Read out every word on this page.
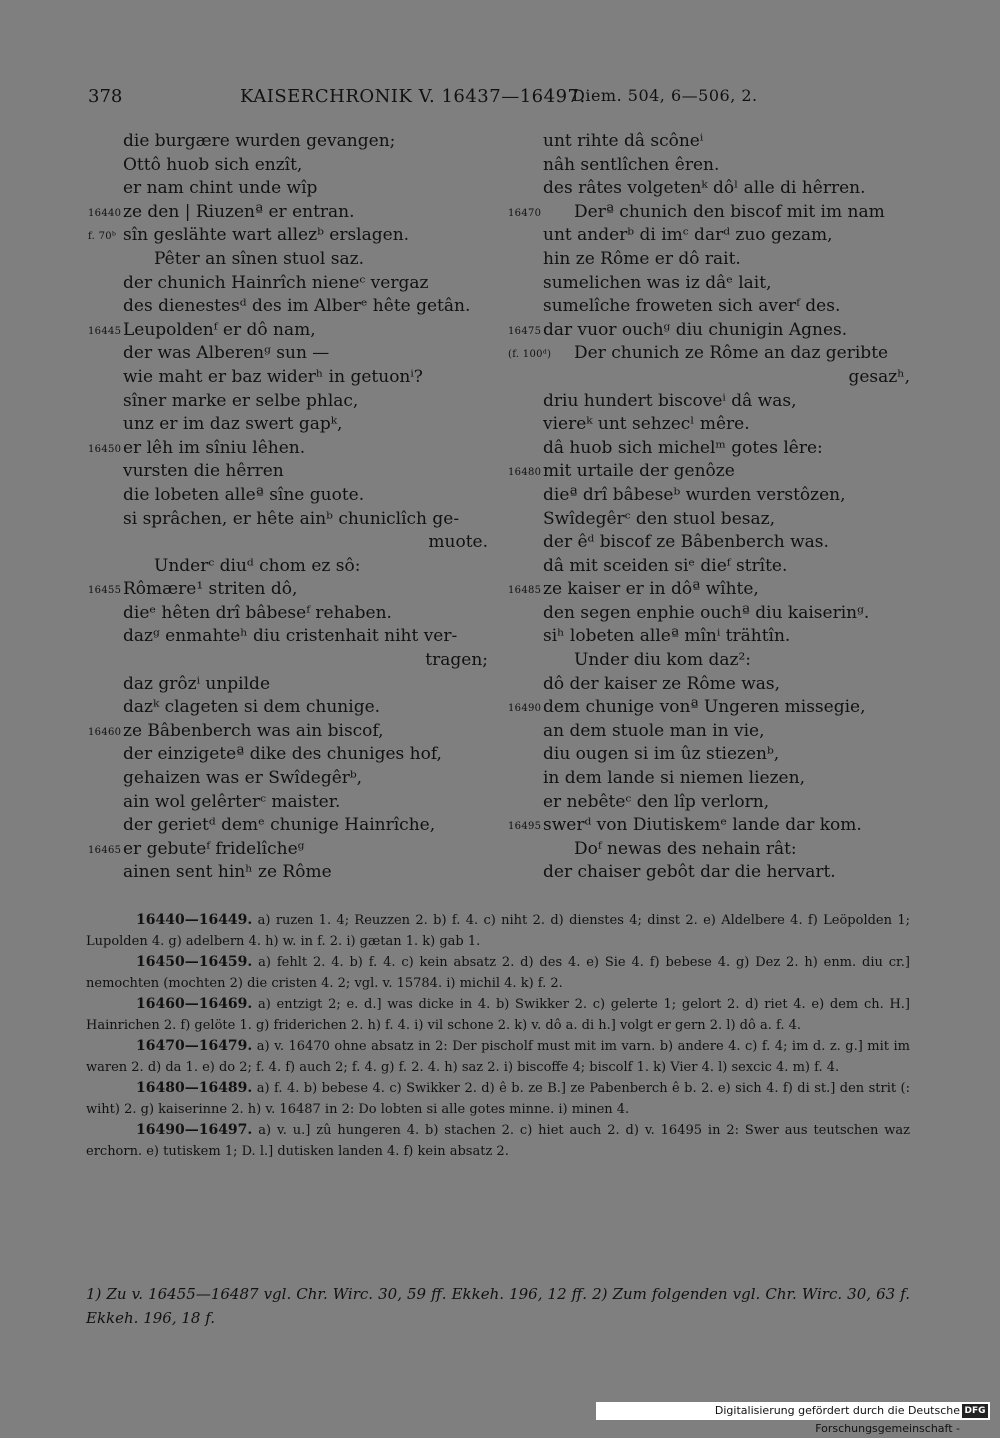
378	KAISERCHRONIK V. 16437—16497.
Diem. 504, 6—506, 2.
die burgære wurden gevangen;
Ottô huob sich enzît,
er nam chint unde wîp
16440 ze den | Riuzenª er entran.
f. 70ᵇ sîn geslähte wart allezᵇ erslagen.
Pêter an sînen stuol saz.
der chunich Hainrîch nieneᶜ vergaz
des dienestesᵈ des im Alberᵉ hête getân.
16445 Leupoldenᶠ er dô nam,
der was Alberenᵍ sun —
wie maht er baz widerʰ in getuonⁱ?
sîner marke er selbe phlac,
unz er im daz swert gapᵏ,
16450 er lêh im sîniu lêhen.
vursten die hêrren
die lobeten alleª sîne guote.
si sprâchen, er hête ainᵇ chuniclîch ge-
muote.
Underᶜ diuᵈ chom ez sô:
16455 Rômære¹ striten dô,
dieᵉ hêten drî bâbeseᶠ rehaben.
dazᵍ enmahteʰ diu cristenhait niht ver-
tragen;
daz grôzⁱ unpilde
dazᵏ clageten si dem chunige.
16460 ze Bâbenberch was ain biscof,
der einzigeteª dike des chuniges hof,
gehaizen was er Swîdegêrᵇ,
ain wol gelêrterᶜ maister.
der gerietᵈ demᵉ chunige Hainrîche,
16465 er gebuteᶠ fridelîcheᵍ
ainen sent hinʰ ze Rôme
unt rihte dâ scôneⁱ
nâh sentlîchen êren.
des râtes volgetenᵏ dôˡ alle di hêrren.
16470 Derª chunich den biscof mit im nam
unt anderᵇ di imᶜ darᵈ zuo gezam,
hin ze Rôme er dô rait.
sumelichen was iz dâᵉ lait,
sumelîche froweten sich averᶠ des.
16475 dar vuor ouchᵍ diu chunigin Agnes.
(f. 100ᵈ) Der chunich ze Rôme an daz geribte
gesazʰ,
driu hundert biscoveⁱ dâ was,
viereᵏ unt sehzecˡ mêre.
dâ huob sich michelᵐ gotes lêre:
16480 mit urtaile der genôze
dieª drî bâbeseᵇ wurden verstôzen,
Swîdegêrᶜ den stuol besaz,
der êᵈ biscof ze Bâbenberch was.
dâ mit sceiden siᵉ dieᶠ strîte.
16485 ze kaiser er in dôª wîhte,
den segen enphie ouchª diu kaiserinᵍ.
siʰ lobeten alleª mînⁱ trähtîn.
Under diu kom daz²:
dô der kaiser ze Rôme was,
16490 dem chunige vonª Ungeren missegie,
an dem stuole man in vie,
diu ougen si im ûz stiezenᵇ,
in dem lande si niemen liezen,
er nebêteᶜ den lîp verlorn,
16495 swerᵈ von Diutiskemᵉ lande dar kom.
Doᶠ newas des nehain rât:
der chaiser gebôt dar die hervart.

16440—16449. a) ruzen 1. 4; Reuzzen 2. b) f. 4. c) niht 2. d) dienstes 4; dinst 2. e) Aldelbere 4. f) Leöpolden 1; Lupolden 4. g) adelbern 4. h) w. in f. 2. i) gætan 1. k) gab 1.

16450—16459. a) fehlt 2. 4. b) f. 4. c) kein absatz 2. d) des 4. e) Sie 4. f) bebese 4. g) Dez 2. h) enm. diu cr.] nemochten (mochten 2) die cristen 4. 2; vgl. v. 15784. i) michil 4. k) f. 2.

16460—16469. a) entzigt 2; e. d.] was dicke in 4. b) Swikker 2. c) gelerte 1; gelort 2. d) riet 4. e) dem ch. H.] Hainrichen 2. f) gelöte 1. g) friderichen 2. h) f. 4. i) vil schone 2. k) v. dô a. di h.] volgt er gern 2. l) dô a. f. 4.

16470—16479. a) v. 16470 ohne absatz in 2: Der pischolf must mit im varn. b) andere 4. c) f. 4; im d. z. g.] mit im waren 2. d) da 1. e) do 2; f. 4. f) auch 2; f. 4. g) f. 2. 4. h) saz 2. i) biscoffe 4; biscolf 1. k) Vier 4. l) sexcic 4. m) f. 4.

16480—16489. a) f. 4. b) bebese 4. c) Swikker 2. d) ê b. ze B.] ze Pabenberch ê b. 2. e) sich 4. f) di st.] den strit (: wiht) 2. g) kaiserinne 2. h) v. 16487 in 2: Do lobten si alle gotes minne. i) minen 4.

16490—16497. a) v. u.] zû hungeren 4. b) stachen 2. c) hiet auch 2. d) v. 16495 in 2: Swer aus teutschen waz erchorn. e) tutiskem 1; D. l.] dutisken landen 4. f) kein absatz 2.

1) Zu v. 16455—16487 vgl. Chr. Wirc. 30, 59 ff. Ekkeh. 196, 12 ff. 2) Zum folgenden vgl. Chr. Wirc. 30, 63 f. Ekkeh. 196, 18 f.
Digitalisierung gefördert durch die Deutsche Forschungsgemeinschaft -
DFG
